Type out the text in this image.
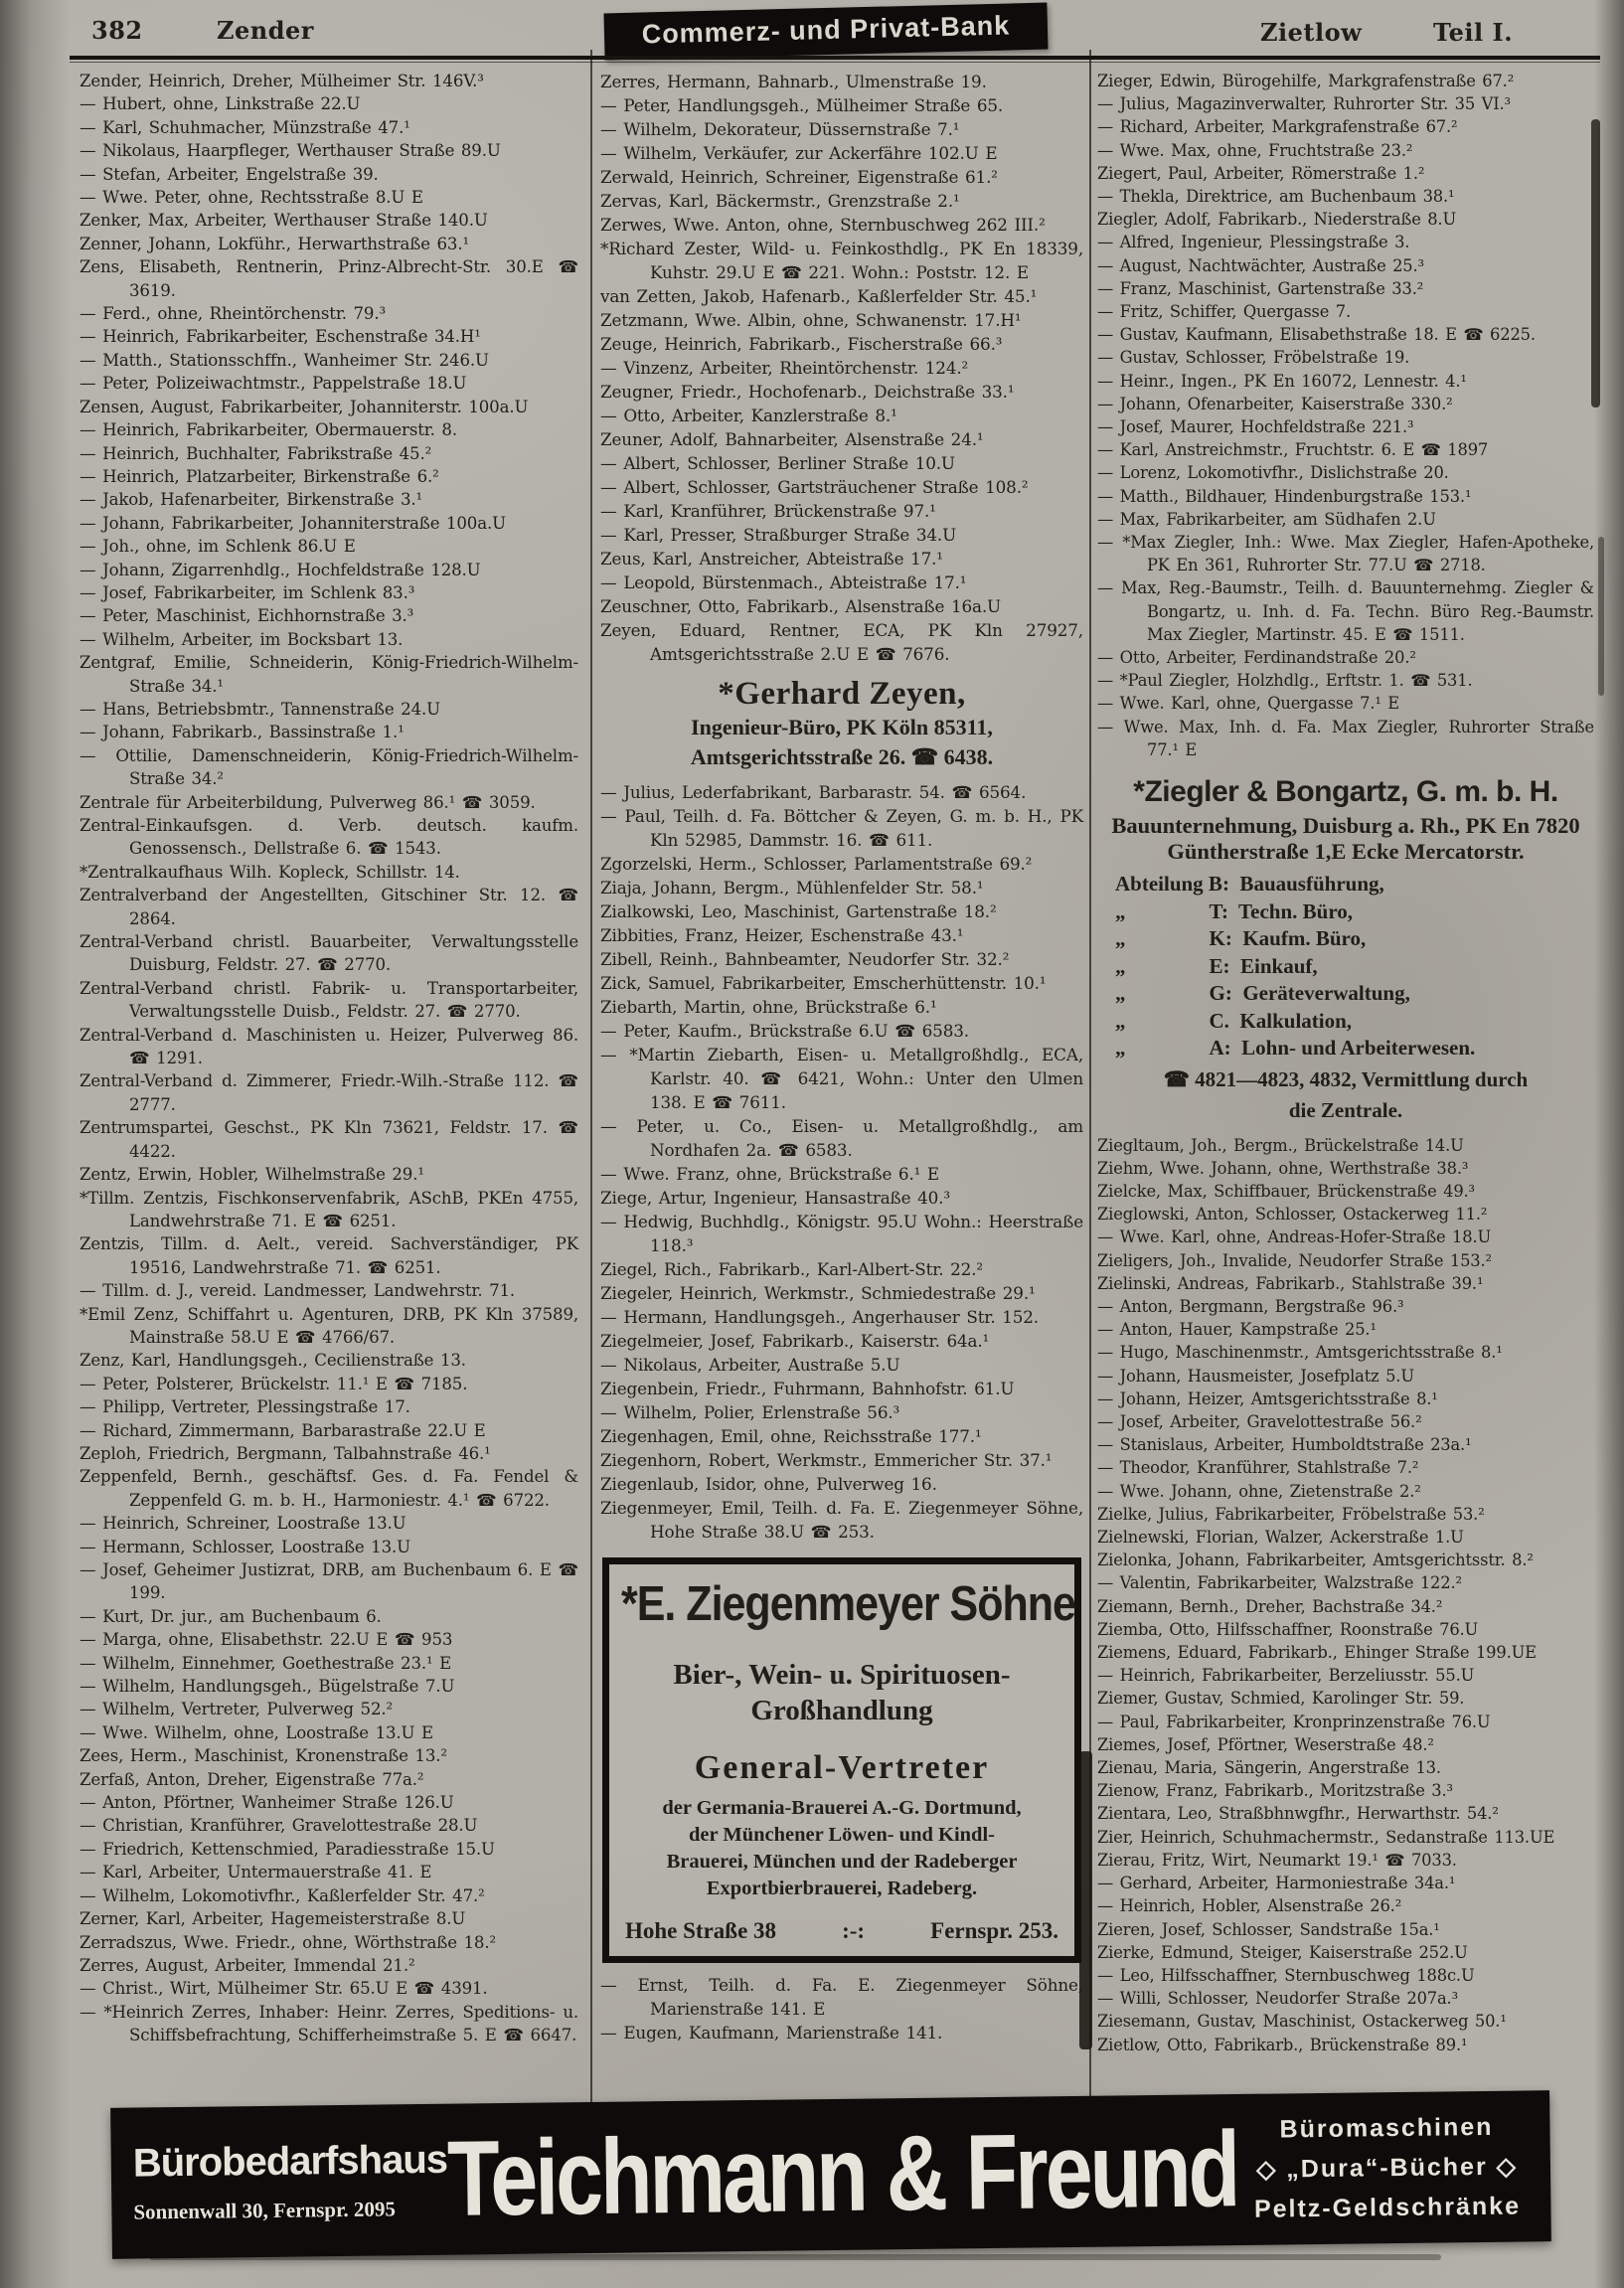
382	Zender	Commerz- und Privat-Bank	Zietlow	Teil I.

Zender, Heinrich, Dreher, Mülheimer Str. 146V.³

— Hubert, ohne, Linkstraße 22.U

— Karl, Schuhmacher, Münzstraße 47.¹

— Nikolaus, Haarpfleger, Werthauser Straße 89.U

— Stefan, Arbeiter, Engelstraße 39.

— Wwe. Peter, ohne, Rechtsstraße 8.U E

Zenker, Max, Arbeiter, Werthauser Straße 140.U

Zenner, Johann, Lokführ., Herwarthstraße 63.¹

Zens, Elisabeth, Rentnerin, Prinz-Albrecht-Str. 30.E ☎ 3619.

— Ferd., ohne, Rheintörchenstr. 79.³

— Heinrich, Fabrikarbeiter, Eschenstraße 34.H¹

— Matth., Stationsschffn., Wanheimer Str. 246.U

— Peter, Polizeiwachtmstr., Pappelstraße 18.U

Zensen, August, Fabrikarbeiter, Johanniterstr. 100a.U

— Heinrich, Fabrikarbeiter, Obermauerstr. 8.

— Heinrich, Buchhalter, Fabrikstraße 45.²

— Heinrich, Platzarbeiter, Birkenstraße 6.²

— Jakob, Hafenarbeiter, Birkenstraße 3.¹

— Johann, Fabrikarbeiter, Johanniterstraße 100a.U

— Joh., ohne, im Schlenk 86.U E

— Johann, Zigarrenhdlg., Hochfeldstraße 128.U

— Josef, Fabrikarbeiter, im Schlenk 83.³

— Peter, Maschinist, Eichhornstraße 3.³

— Wilhelm, Arbeiter, im Bocksbart 13.

Zentgraf, Emilie, Schneiderin, König-Friedrich-Wilhelm-Straße 34.¹

— Hans, Betriebsbmtr., Tannenstraße 24.U

— Johann, Fabrikarb., Bassinstraße 1.¹

— Ottilie, Damenschneiderin, König-Friedrich-Wilhelm-Straße 34.²

Zentrale für Arbeiterbildung, Pulverweg 86.¹ ☎ 3059.

Zentral-Einkaufsgen. d. Verb. deutsch. kaufm. Genossensch., Dellstraße 6. ☎ 1543.

*Zentralkaufhaus Wilh. Kopleck, Schillstr. 14.

Zentralverband der Angestellten, Gitschiner Str. 12. ☎ 2864.

Zentral-Verband christl. Bauarbeiter, Verwaltungsstelle Duisburg, Feldstr. 27. ☎ 2770.

Zentral-Verband christl. Fabrik- u. Transportarbeiter, Verwaltungsstelle Duisb., Feldstr. 27. ☎ 2770.

Zentral-Verband d. Maschinisten u. Heizer, Pulverweg 86. ☎ 1291.

Zentral-Verband d. Zimmerer, Friedr.-Wilh.-Straße 112. ☎ 2777.

Zentrumspartei, Geschst., PK Kln 73621, Feldstr. 17. ☎ 4422.

Zentz, Erwin, Hobler, Wilhelmstraße 29.¹

*Tillm. Zentzis, Fischkonservenfabrik, ASchB, PKEn 4755, Landwehrstraße 71. E ☎ 6251.

Zentzis, Tillm. d. Aelt., vereid. Sachverständiger, PK 19516, Landwehrstraße 71. ☎ 6251.

— Tillm. d. J., vereid. Landmesser, Landwehrstr. 71.

*Emil Zenz, Schiffahrt u. Agenturen, DRB, PK Kln 37589, Mainstraße 58.U E ☎ 4766/67.

Zenz, Karl, Handlungsgeh., Cecilienstraße 13.

— Peter, Polsterer, Brückelstr. 11.¹ E ☎ 7185.

— Philipp, Vertreter, Plessingstraße 17.

— Richard, Zimmermann, Barbarastraße 22.U E

Zeploh, Friedrich, Bergmann, Talbahnstraße 46.¹

Zeppenfeld, Bernh., geschäftsf. Ges. d. Fa. Fendel & Zeppenfeld G. m. b. H., Harmoniestr. 4.¹ ☎ 6722.

— Heinrich, Schreiner, Loostraße 13.U

— Hermann, Schlosser, Loostraße 13.U

— Josef, Geheimer Justizrat, DRB, am Buchenbaum 6. E ☎ 199.

— Kurt, Dr. jur., am Buchenbaum 6.

— Marga, ohne, Elisabethstr. 22.U E ☎ 953

— Wilhelm, Einnehmer, Goethestraße 23.¹ E

— Wilhelm, Handlungsgeh., Bügelstraße 7.U

— Wilhelm, Vertreter, Pulverweg 52.²

— Wwe. Wilhelm, ohne, Loostraße 13.U E

Zees, Herm., Maschinist, Kronenstraße 13.²

Zerfaß, Anton, Dreher, Eigenstraße 77a.²

— Anton, Pförtner, Wanheimer Straße 126.U

— Christian, Kranführer, Gravelottestraße 28.U

— Friedrich, Kettenschmied, Paradiesstraße 15.U

— Karl, Arbeiter, Untermauerstraße 41. E

— Wilhelm, Lokomotivfhr., Kaßlerfelder Str. 47.²

Zerner, Karl, Arbeiter, Hagemeisterstraße 8.U

Zerradszus, Wwe. Friedr., ohne, Wörthstraße 18.²

Zerres, August, Arbeiter, Immendal 21.²

— Christ., Wirt, Mülheimer Str. 65.U E ☎ 4391.

— *Heinrich Zerres, Inhaber: Heinr. Zerres, Speditions- u. Schiffsbefrachtung, Schifferheimstraße 5. E ☎ 6647.

Zerres, Hermann, Bahnarb., Ulmenstraße 19.

— Peter, Handlungsgeh., Mülheimer Straße 65.

— Wilhelm, Dekorateur, Düssernstraße 7.¹

— Wilhelm, Verkäufer, zur Ackerfähre 102.U E

Zerwald, Heinrich, Schreiner, Eigenstraße 61.²

Zervas, Karl, Bäckermstr., Grenzstraße 2.¹

Zerwes, Wwe. Anton, ohne, Sternbuschweg 262 III.²

*Richard Zester, Wild- u. Feinkosthdlg., PK En 18339, Kuhstr. 29.U E ☎ 221. Wohn.: Poststr. 12. E

van Zetten, Jakob, Hafenarb., Kaßlerfelder Str. 45.¹

Zetzmann, Wwe. Albin, ohne, Schwanenstr. 17.H¹

Zeuge, Heinrich, Fabrikarb., Fischerstraße 66.³

— Vinzenz, Arbeiter, Rheintörchenstr. 124.²

Zeugner, Friedr., Hochofenarb., Deichstraße 33.¹

— Otto, Arbeiter, Kanzlerstraße 8.¹

Zeuner, Adolf, Bahnarbeiter, Alsenstraße 24.¹

— Albert, Schlosser, Berliner Straße 10.U

— Albert, Schlosser, Gartsträuchener Straße 108.²

— Karl, Kranführer, Brückenstraße 97.¹

— Karl, Presser, Straßburger Straße 34.U

Zeus, Karl, Anstreicher, Abteistraße 17.¹

— Leopold, Bürstenmach., Abteistraße 17.¹

Zeuschner, Otto, Fabrikarb., Alsenstraße 16a.U

Zeyen, Eduard, Rentner, ECA, PK Kln 27927, Amtsgerichtsstraße 2.U E ☎ 7676.

*Gerhard Zeyen,
Ingenieur-Büro, PK Köln 85311,
Amtsgerichtsstraße 26. ☎ 6438.

— Julius, Lederfabrikant, Barbarastr. 54. ☎ 6564.

— Paul, Teilh. d. Fa. Böttcher & Zeyen, G. m. b. H., PK Kln 52985, Dammstr. 16. ☎ 611.

Zgorzelski, Herm., Schlosser, Parlamentstraße 69.²

Ziaja, Johann, Bergm., Mühlenfelder Str. 58.¹

Zialkowski, Leo, Maschinist, Gartenstraße 18.²

Zibbities, Franz, Heizer, Eschenstraße 43.¹

Zibell, Reinh., Bahnbeamter, Neudorfer Str. 32.²

Zick, Samuel, Fabrikarbeiter, Emscherhüttenstr. 10.¹

Ziebarth, Martin, ohne, Brückstraße 6.¹

— Peter, Kaufm., Brückstraße 6.U ☎ 6583.

— *Martin Ziebarth, Eisen- u. Metallgroßhdlg., ECA, Karlstr. 40. ☎ 6421, Wohn.: Unter den Ulmen 138. E ☎ 7611.

— Peter, u. Co., Eisen- u. Metallgroßhdlg., am Nordhafen 2a. ☎ 6583.

— Wwe. Franz, ohne, Brückstraße 6.¹ E

Ziege, Artur, Ingenieur, Hansastraße 40.³

— Hedwig, Buchhdlg., Königstr. 95.U Wohn.: Heerstraße 118.³

Ziegel, Rich., Fabrikarb., Karl-Albert-Str. 22.²

Ziegeler, Heinrich, Werkmstr., Schmiedestraße 29.¹

— Hermann, Handlungsgeh., Angerhauser Str. 152.

Ziegelmeier, Josef, Fabrikarb., Kaiserstr. 64a.¹

— Nikolaus, Arbeiter, Austraße 5.U

Ziegenbein, Friedr., Fuhrmann, Bahnhofstr. 61.U

— Wilhelm, Polier, Erlenstraße 56.³

Ziegenhagen, Emil, ohne, Reichsstraße 177.¹

Ziegenhorn, Robert, Werkmstr., Emmericher Str. 37.¹

Ziegenlaub, Isidor, ohne, Pulverweg 16.

Ziegenmeyer, Emil, Teilh. d. Fa. E. Ziegenmeyer Söhne, Hohe Straße 38.U ☎ 253.

*E. Ziegenmeyer Söhne
Bier-, Wein- u. Spirituosen-
Großhandlung
General-Vertreter

der Germania-Brauerei A.-G. Dortmund,

der Münchener Löwen- und Kindl-

Brauerei, München und der Radeberger

Exportbierbrauerei, Radeberg.

Hohe Straße 38	:-:	Fernspr. 253.

— Ernst, Teilh. d. Fa. E. Ziegenmeyer Söhne, Marienstraße 141. E

— Eugen, Kaufmann, Marienstraße 141.

Zieger, Edwin, Bürogehilfe, Markgrafenstraße 67.²

— Julius, Magazinverwalter, Ruhrorter Str. 35 VI.³

— Richard, Arbeiter, Markgrafenstraße 67.²

— Wwe. Max, ohne, Fruchtstraße 23.²

Ziegert, Paul, Arbeiter, Römerstraße 1.²

— Thekla, Direktrice, am Buchenbaum 38.¹

Ziegler, Adolf, Fabrikarb., Niederstraße 8.U

— Alfred, Ingenieur, Plessingstraße 3.

— August, Nachtwächter, Austraße 25.³

— Franz, Maschinist, Gartenstraße 33.²

— Fritz, Schiffer, Quergasse 7.

— Gustav, Kaufmann, Elisabethstraße 18. E ☎ 6225.

— Gustav, Schlosser, Fröbelstraße 19.

— Heinr., Ingen., PK En 16072, Lennestr. 4.¹

— Johann, Ofenarbeiter, Kaiserstraße 330.²

— Josef, Maurer, Hochfeldstraße 221.³

— Karl, Anstreichmstr., Fruchtstr. 6. E ☎ 1897

— Lorenz, Lokomotivfhr., Dislichstraße 20.

— Matth., Bildhauer, Hindenburgstraße 153.¹

— Max, Fabrikarbeiter, am Südhafen 2.U

— *Max Ziegler, Inh.: Wwe. Max Ziegler, Hafen-Apotheke, PK En 361, Ruhrorter Str. 77.U ☎ 2718.

— Max, Reg.-Baumstr., Teilh. d. Bauunternehmg. Ziegler & Bongartz, u. Inh. d. Fa. Techn. Büro Reg.-Baumstr. Max Ziegler, Martinstr. 45. E ☎ 1511.

— Otto, Arbeiter, Ferdinandstraße 20.²

— *Paul Ziegler, Holzhdlg., Erftstr. 1. ☎ 531.

— Wwe. Karl, ohne, Quergasse 7.¹ E

— Wwe. Max, Inh. d. Fa. Max Ziegler, Ruhrorter Straße 77.¹ E

*Ziegler & Bongartz, G. m. b. H.
Bauunternehmung, Duisburg a. Rh., PK En 7820
Güntherstraße 1,E Ecke Mercatorstr.

Abteilung B:  Bauausführung,

„    T:  Techn. Büro,

„    K:  Kaufm. Büro,

„    E:  Einkauf,

„    G:  Geräteverwaltung,

„    C.  Kalkulation,

„    A:  Lohn- und Arbeiterwesen.

☎ 4821—4823, 4832, Vermittlung durch
die Zentrale.

Ziegltaum, Joh., Bergm., Brückelstraße 14.U

Ziehm, Wwe. Johann, ohne, Werthstraße 38.³

Zielcke, Max, Schiffbauer, Brückenstraße 49.³

Zieglowski, Anton, Schlosser, Ostackerweg 11.²

— Wwe. Karl, ohne, Andreas-Hofer-Straße 18.U

Zieligers, Joh., Invalide, Neudorfer Straße 153.²

Zielinski, Andreas, Fabrikarb., Stahlstraße 39.¹

— Anton, Bergmann, Bergstraße 96.³

— Anton, Hauer, Kampstraße 25.¹

— Hugo, Maschinenmstr., Amtsgerichtsstraße 8.¹

— Johann, Hausmeister, Josefplatz 5.U

— Johann, Heizer, Amtsgerichtsstraße 8.¹

— Josef, Arbeiter, Gravelottestraße 56.²

— Stanislaus, Arbeiter, Humboldtstraße 23a.¹

— Theodor, Kranführer, Stahlstraße 7.²

— Wwe. Johann, ohne, Zietenstraße 2.²

Zielke, Julius, Fabrikarbeiter, Fröbelstraße 53.²

Zielnewski, Florian, Walzer, Ackerstraße 1.U

Zielonka, Johann, Fabrikarbeiter, Amtsgerichtsstr. 8.²

— Valentin, Fabrikarbeiter, Walzstraße 122.²

Ziemann, Bernh., Dreher, Bachstraße 34.²

Ziemba, Otto, Hilfsschaffner, Roonstraße 76.U

Ziemens, Eduard, Fabrikarb., Ehinger Straße 199.UE

— Heinrich, Fabrikarbeiter, Berzeliusstr. 55.U

Ziemer, Gustav, Schmied, Karolinger Str. 59.

— Paul, Fabrikarbeiter, Kronprinzenstraße 76.U

Ziemes, Josef, Pförtner, Weserstraße 48.²

Zienau, Maria, Sängerin, Angerstraße 13.

Zienow, Franz, Fabrikarb., Moritzstraße 3.³

Zientara, Leo, Straßbhnwgfhr., Herwarthstr. 54.²

Zier, Heinrich, Schuhmachermstr., Sedanstraße 113.UE

Zierau, Fritz, Wirt, Neumarkt 19.¹ ☎ 7033.

— Gerhard, Arbeiter, Harmoniestraße 34a.¹

— Heinrich, Hobler, Alsenstraße 26.²

Zieren, Josef, Schlosser, Sandstraße 15a.¹

Zierke, Edmund, Steiger, Kaiserstraße 252.U

— Leo, Hilfsschaffner, Sternbuschweg 188c.U

— Willi, Schlosser, Neudorfer Straße 207a.³

Ziesemann, Gustav, Maschinist, Ostackerweg 50.¹

Zietlow, Otto, Fabrikarb., Brückenstraße 89.¹

Bürobedarfshaus
Sonnenwall 30, Fernspr. 2095 Teichmann & Freund	Büromaschinen

◇ „Dura“-Bücher ◇

Peltz-Geldschränke
